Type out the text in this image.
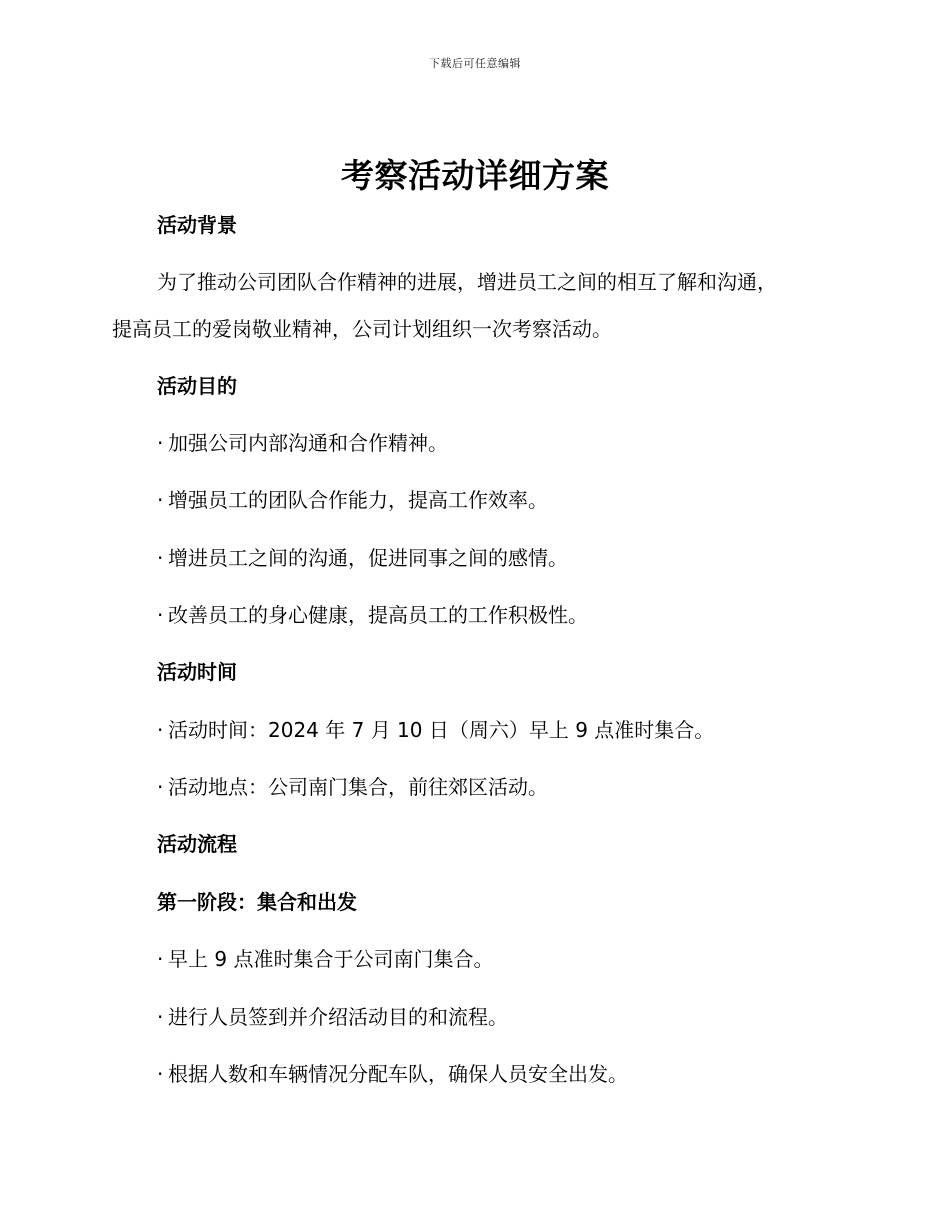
下载后可任意编辑
考察活动详细方案
活动背景

为了推动公司团队合作精神的进展，增进员工之间的相互了解和沟通，

提高员工的爱岗敬业精神，公司计划组织一次考察活动。

活动目的
· 加强公司内部沟通和合作精神。
· 增强员工的团队合作能力，提高工作效率。
· 增进员工之间的沟通，促进同事之间的感情。
· 改善员工的身心健康，提高员工的工作积极性。
活动时间
· 活动时间：2024 年 7 月 10 日（周六）早上 9 点准时集合。
· 活动地点：公司南门集合，前往郊区活动。
活动流程
第一阶段：集合和出发
· 早上 9 点准时集合于公司南门集合。
· 进行人员签到并介绍活动目的和流程。
· 根据人数和车辆情况分配车队，确保人员安全出发。
